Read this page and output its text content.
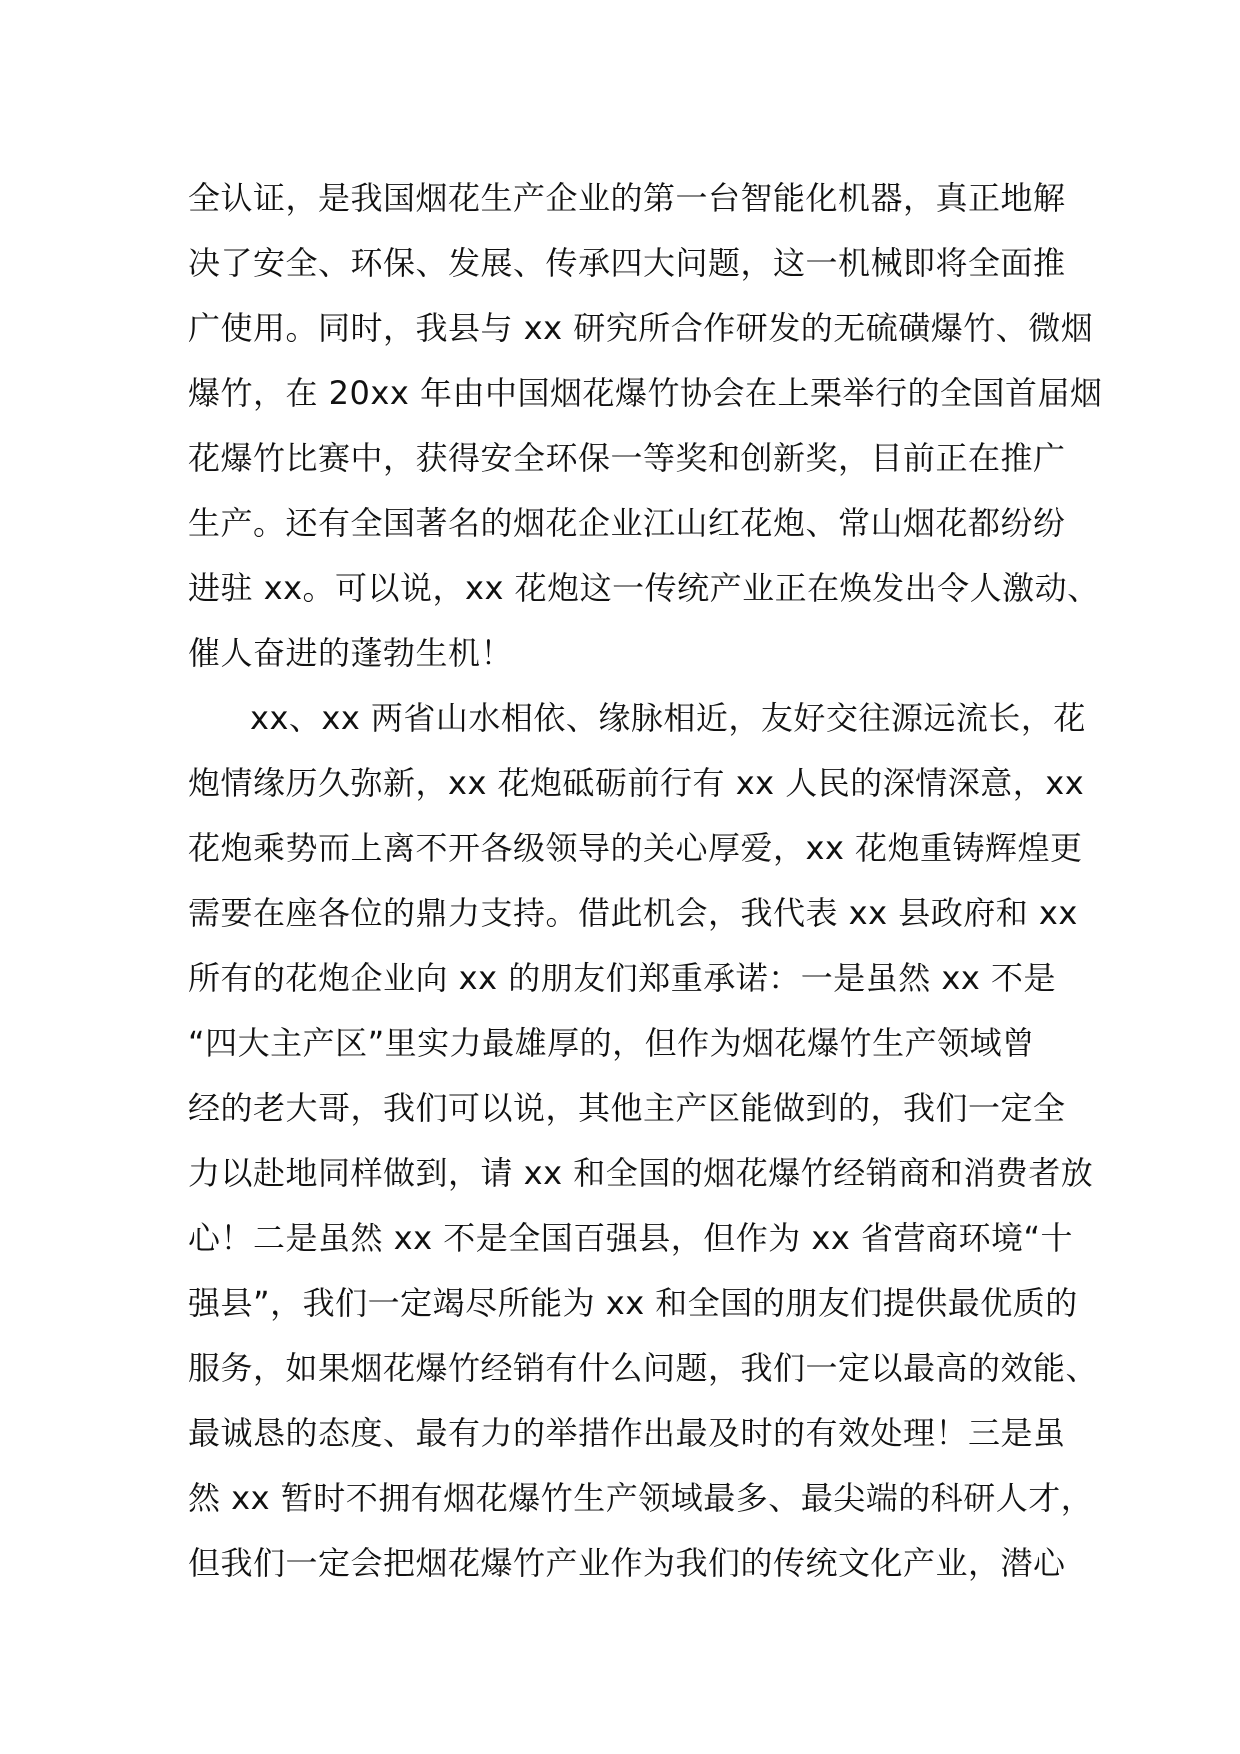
全认证，是我国烟花生产企业的第一台智能化机器，真正地解
决了安全、环保、发展、传承四大问题，这一机械即将全面推
广使用。同时，我县与 xx 研究所合作研发的无硫磺爆竹、微烟
爆竹，在 20xx 年由中国烟花爆竹协会在上栗举行的全国首届烟
花爆竹比赛中，获得安全环保一等奖和创新奖，目前正在推广
生产。还有全国著名的烟花企业江山红花炮、常山烟花都纷纷
进驻 xx。可以说，xx 花炮这一传统产业正在焕发出令人激动、
催人奋进的蓬勃生机！
xx、xx 两省山水相依、缘脉相近，友好交往源远流长，花
炮情缘历久弥新，xx 花炮砥砺前行有 xx 人民的深情深意，xx
花炮乘势而上离不开各级领导的关心厚爱，xx 花炮重铸辉煌更
需要在座各位的鼎力支持。借此机会，我代表 xx 县政府和 xx
所有的花炮企业向 xx 的朋友们郑重承诺：一是虽然 xx 不是
“四大主产区”里实力最雄厚的，但作为烟花爆竹生产领域曾
经的老大哥，我们可以说，其他主产区能做到的，我们一定全
力以赴地同样做到，请 xx 和全国的烟花爆竹经销商和消费者放
心！二是虽然 xx 不是全国百强县，但作为 xx 省营商环境“十
强县”，我们一定竭尽所能为 xx 和全国的朋友们提供最优质的
服务，如果烟花爆竹经销有什么问题，我们一定以最高的效能、
最诚恳的态度、最有力的举措作出最及时的有效处理！三是虽
然 xx 暂时不拥有烟花爆竹生产领域最多、最尖端的科研人才，
但我们一定会把烟花爆竹产业作为我们的传统文化产业，潜心
